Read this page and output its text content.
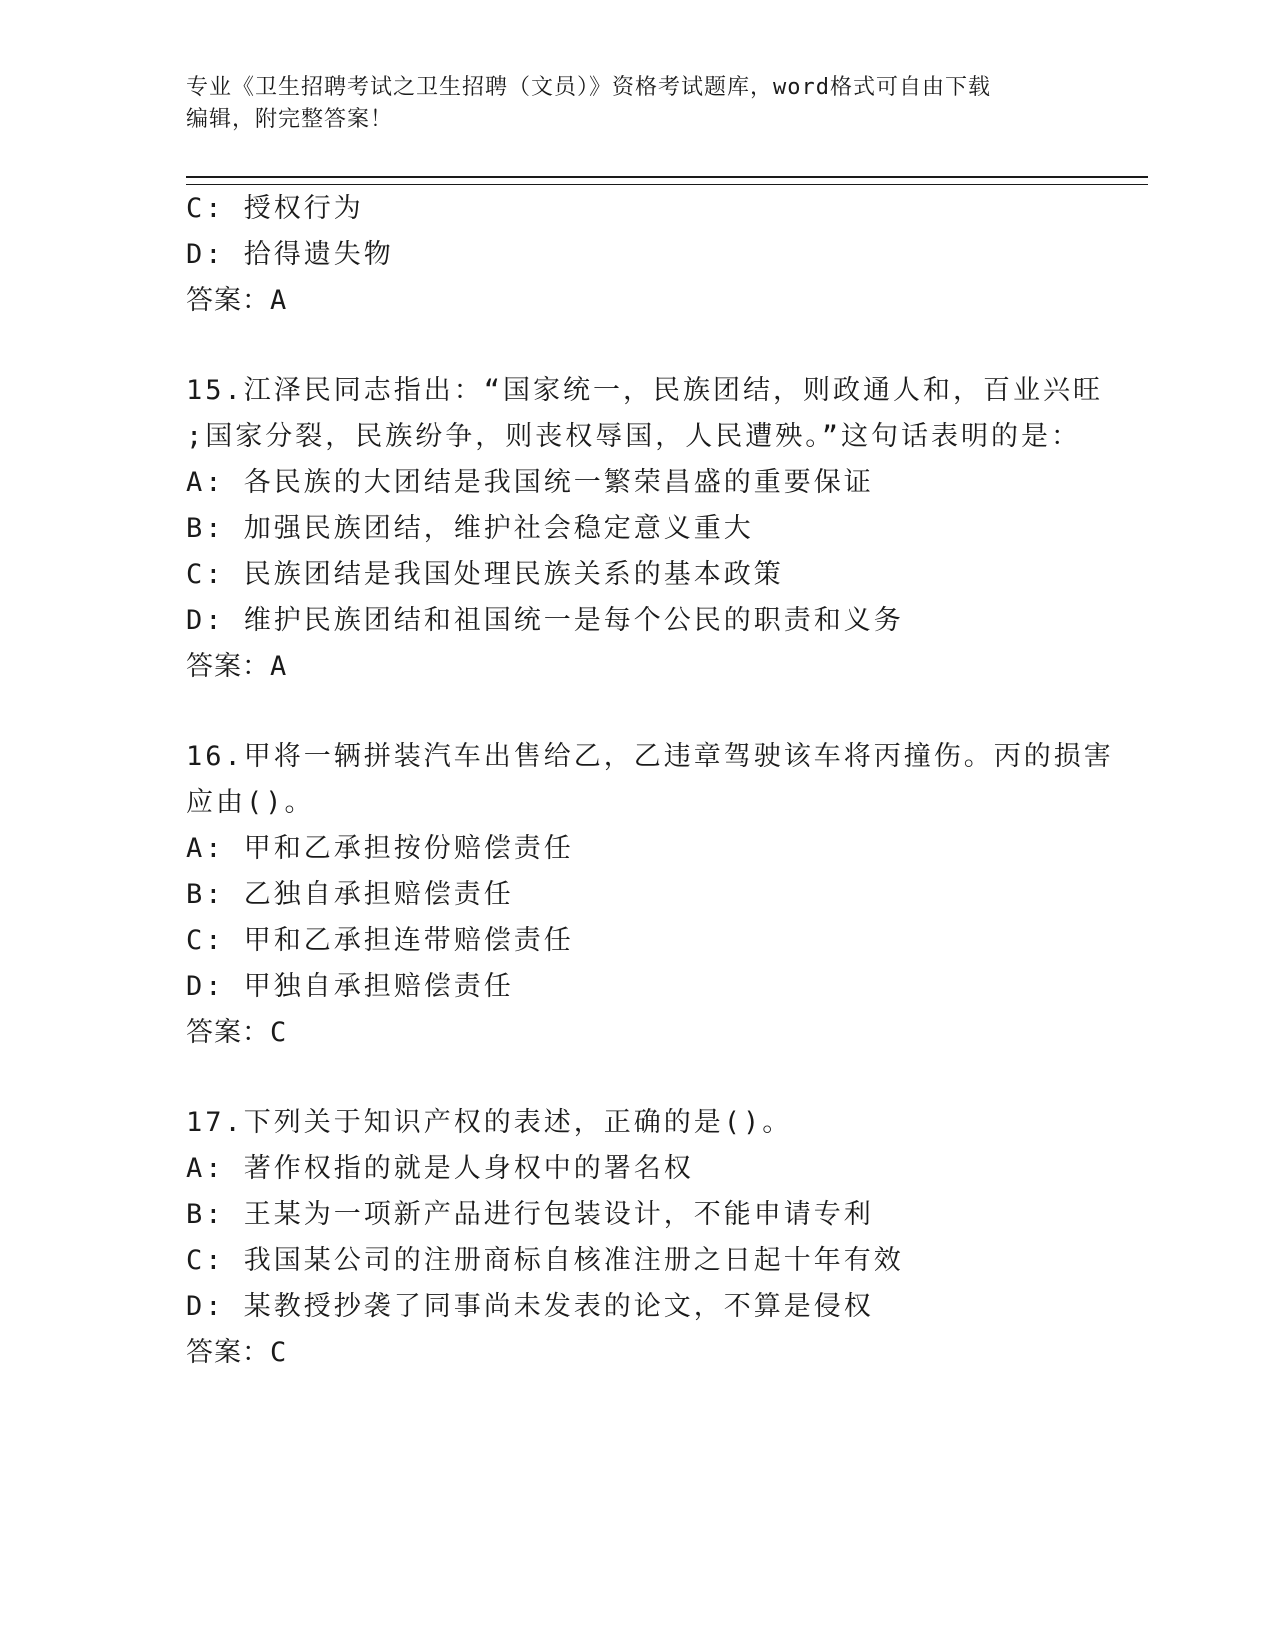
专业《卫生招聘考试之卫生招聘（文员）》资格考试题库，word格式可自由下载
编辑，附完整答案！
C: 授权行为
D: 拾得遗失物
答案：A
15.江泽民同志指出：“国家统一，民族团结，则政通人和，百业兴旺
;国家分裂，民族纷争，则丧权辱国，人民遭殃。”这句话表明的是：
A: 各民族的大团结是我国统一繁荣昌盛的重要保证
B: 加强民族团结，维护社会稳定意义重大
C: 民族团结是我国处理民族关系的基本政策
D: 维护民族团结和祖国统一是每个公民的职责和义务
答案：A
16.甲将一辆拼装汽车出售给乙，乙违章驾驶该车将丙撞伤。丙的损害
应由()。
A: 甲和乙承担按份赔偿责任
B: 乙独自承担赔偿责任
C: 甲和乙承担连带赔偿责任
D: 甲独自承担赔偿责任
答案：C
17.下列关于知识产权的表述，正确的是()。
A: 著作权指的就是人身权中的署名权
B: 王某为一项新产品进行包装设计，不能申请专利
C: 我国某公司的注册商标自核准注册之日起十年有效
D: 某教授抄袭了同事尚未发表的论文，不算是侵权
答案：C
